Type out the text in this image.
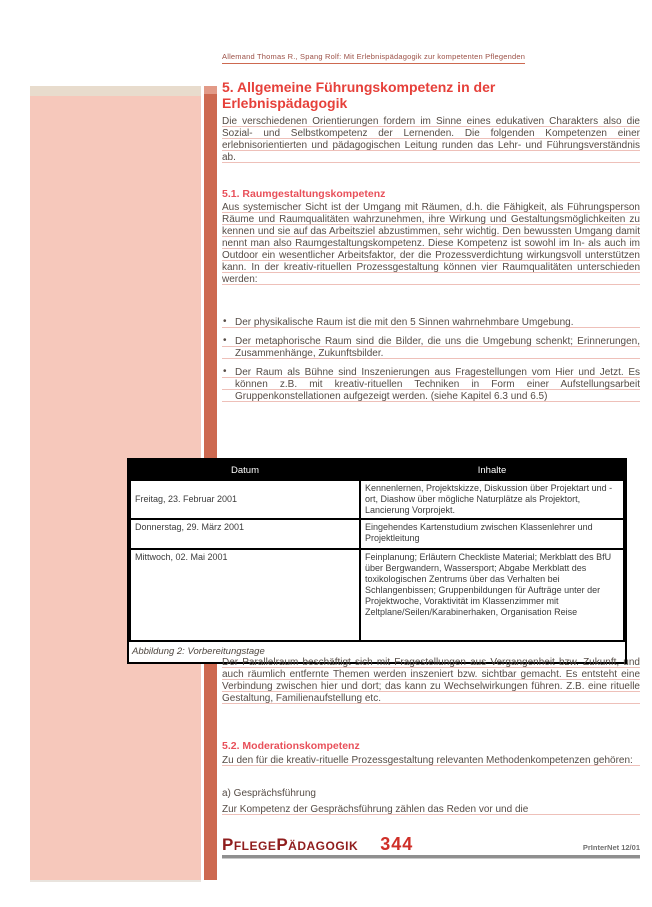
Allemand Thomas R., Spang Rolf: Mit Erlebnispädagogik zur kompetenten Pflegenden
5. Allgemeine Führungskompetenz in der Erlebnispädagogik

Die verschiedenen Orientierungen fordern im Sinne eines edukativen Charakters also die Sozial- und Selbstkompetenz der Lernenden. Die folgenden Kompetenzen einer erlebnisorientierten und pädagogischen Leitung runden das Lehr- und Führungsverständnis ab.

5.1. Raumgestaltungskompetenz

Aus systemischer Sicht ist der Umgang mit Räumen, d.h. die Fähigkeit, als Führungsperson Räume und Raumqualitäten wahrzunehmen, ihre Wirkung und Gestaltungsmöglichkeiten zu kennen und sie auf das Arbeitsziel abzustimmen, sehr wichtig. Den bewussten Umgang damit nennt man also Raumgestaltungskompetenz. Diese Kompetenz ist sowohl im In- als auch im Outdoor ein wesentlicher Arbeitsfaktor, der die Prozessverdichtung wirkungsvoll unterstützen kann. In der kreativ-rituellen Prozessgestaltung können vier Raumqualitäten unterschieden werden:

• Der physikalische Raum ist die mit den 5 Sinnen wahrnehmbare Umgebung.
• Der metaphorische Raum sind die Bilder, die uns die Umgebung schenkt; Erinnerungen, Zusammenhänge, Zukunftsbilder.
• Der Raum als Bühne sind Inszenierungen aus Fragestellungen vom Hier und Jetzt. Es können z.B. mit kreativ-rituellen Techniken in Form einer Aufstellungsarbeit Gruppenkonstellationen aufgezeigt werden. (siehe Kapitel 6.3 und 6.5)
Datum	Inhalte
Freitag, 23. Februar 2001	Kennenlernen, Projektskizze, Diskussion über Projektart und -ort, Diashow über mögliche Naturplätze als Projektort, Lancierung Vorprojekt.
Donnerstag, 29. März 2001	Eingehendes Kartenstudium zwischen Klassenlehrer und Projektleitung
Mittwoch, 02. Mai 2001	Feinplanung; Erläutern Checkliste Material; Merkblatt des BfU über Bergwandern, Wassersport; Abgabe Merkblatt des toxikologischen Zentrums über das Verhalten bei Schlangenbissen; Gruppenbildungen für Aufträge unter der Projektwoche, Voraktivität im Klassenzimmer mit Zeltplane/Seilen/Karabinerhaken, Organisation Reise
Abbildung 2: Vorbereitungstage

Der Parallelraum beschäftigt sich mit Fragestellungen aus Vergangenheit bzw. Zukunft, und auch räumlich entfernte Themen werden inszeniert bzw. sichtbar gemacht. Es entsteht eine Verbindung zwischen hier und dort; das kann zu Wechselwirkungen führen. Z.B. eine rituelle Gestaltung, Familienaufstellung etc.

5.2. Moderationskompetenz

Zu den für die kreativ-rituelle Prozessgestaltung relevanten Methodenkompetenzen gehören:

a) Gesprächsführung

Zur Kompetenz der Gesprächsführung zählen das Reden vor und die

PflegePädagogik 344	PrInterNet 12/01
